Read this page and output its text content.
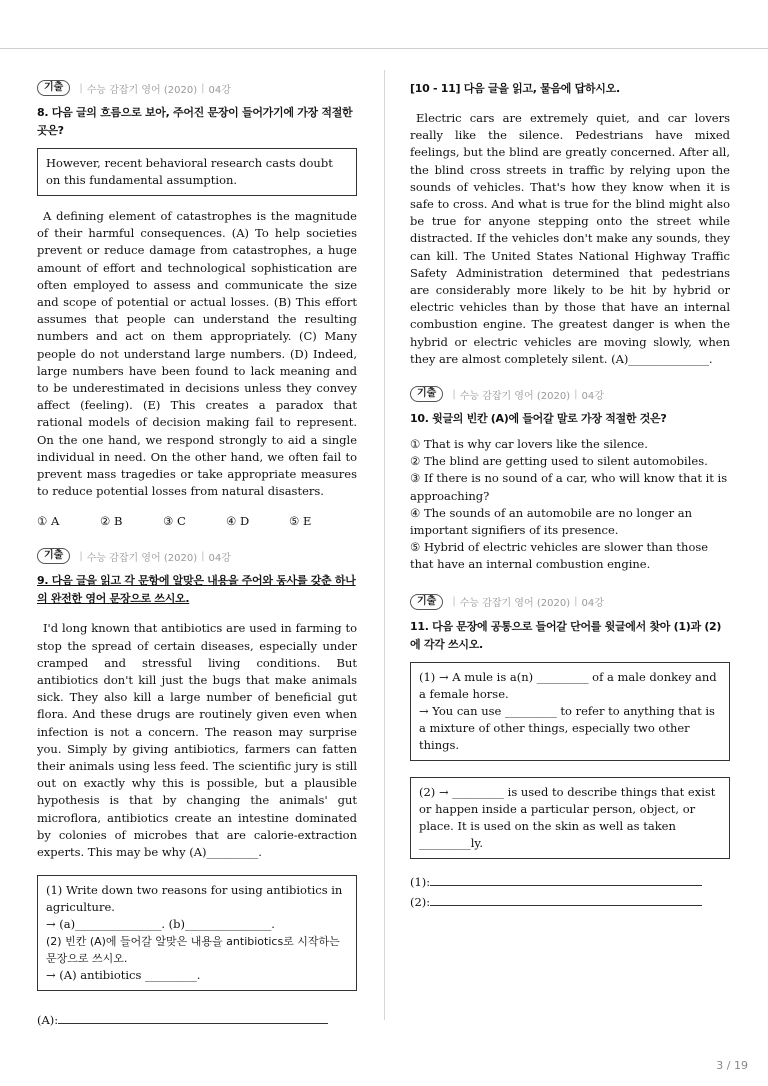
기출	| 수능 감잡기 영어 (2020) | 04강
8. 다음 글의 흐름으로 보아, 주어진 문장이 들어가기에 가장 적절한 곳은?
However, recent behavioral research casts doubt on this fundamental assumption.

A defining element of catastrophes is the magnitude of their harmful consequences. (A) To help societies prevent or reduce damage from catastrophes, a huge amount of effort and technological sophistication are often employed to assess and communicate the size and scope of potential or actual losses. (B) This effort assumes that people can understand the resulting numbers and act on them appropriately. (C) Many people do not understand large numbers. (D) Indeed, large numbers have been found to lack meaning and to be underestimated in decisions unless they convey affect (feeling). (E) This creates a paradox that rational models of decision making fail to represent. On the one hand, we respond strongly to aid a single individual in need. On the other hand, we often fail to prevent mass tragedies or take appropriate measures to reduce potential losses from natural disasters.

① A	② B	③ C	④ D	⑤ E
기출	| 수능 감잡기 영어 (2020) | 04강
9. 다음 글을 읽고 각 문항에 알맞은 내용을 주어와 동사를 갖춘 하나의 완전한 영어 문장으로 쓰시오.

I'd long known that antibiotics are used in farming to stop the spread of certain diseases, especially under cramped and stressful living conditions. But antibiotics don't kill just the bugs that make animals sick. They also kill a large number of beneficial gut flora. And these drugs are routinely given even when infection is not a concern. The reason may surprise you. Simply by giving antibiotics, farmers can fatten their animals using less feed. The scientific jury is still out on exactly why this is possible, but a plausible hypothesis is that by changing the animals' gut microflora, antibiotics create an intestine dominated by colonies of microbes that are calorie-extraction experts. This may be why (A)_________.

(1) Write down two reasons for using antibiotics in agriculture.
→ (a)_______________. (b)_______________.
(2) 빈칸 (A)에 들어갈 알맞은 내용을 antibiotics로 시작하는 문장으로 쓰시오.
→ (A) antibiotics _________.
(A):
[10 - 11] 다음 글을 읽고, 물음에 답하시오.

Electric cars are extremely quiet, and car lovers really like the silence. Pedestrians have mixed feelings, but the blind are greatly concerned. After all, the blind cross streets in traffic by relying upon the sounds of vehicles. That's how they know when it is safe to cross. And what is true for the blind might also be true for anyone stepping onto the street while distracted. If the vehicles don't make any sounds, they can kill. The United States National Highway Traffic Safety Administration determined that pedestrians are considerably more likely to be hit by hybrid or electric vehicles than by those that have an internal combustion engine. The greatest danger is when the hybrid or electric vehicles are moving slowly, when they are almost completely silent. (A)______________.

기출	| 수능 감잡기 영어 (2020) | 04강
10. 윗글의 빈칸 (A)에 들어갈 말로 가장 적절한 것은?
① That is why car lovers like the silence.
② The blind are getting used to silent automobiles.
③ If there is no sound of a car, who will know that it is approaching?
④ The sounds of an automobile are no longer an important signifiers of its presence.
⑤ Hybrid of electric vehicles are slower than those that have an internal combustion engine.
기출	| 수능 감잡기 영어 (2020) | 04강
11. 다음 문장에 공통으로 들어갈 단어를 윗글에서 찾아 (1)과 (2)에 각각 쓰시오.
(1) → A mule is a(n) _________ of a male donkey and a female horse.
→ You can use _________ to refer to anything that is a mixture of other things, especially two other things.
(2) → _________ is used to describe things that exist or happen inside a particular person, object, or place. It is used on the skin as well as taken _________ly.
(1):
(2):
3 / 19
